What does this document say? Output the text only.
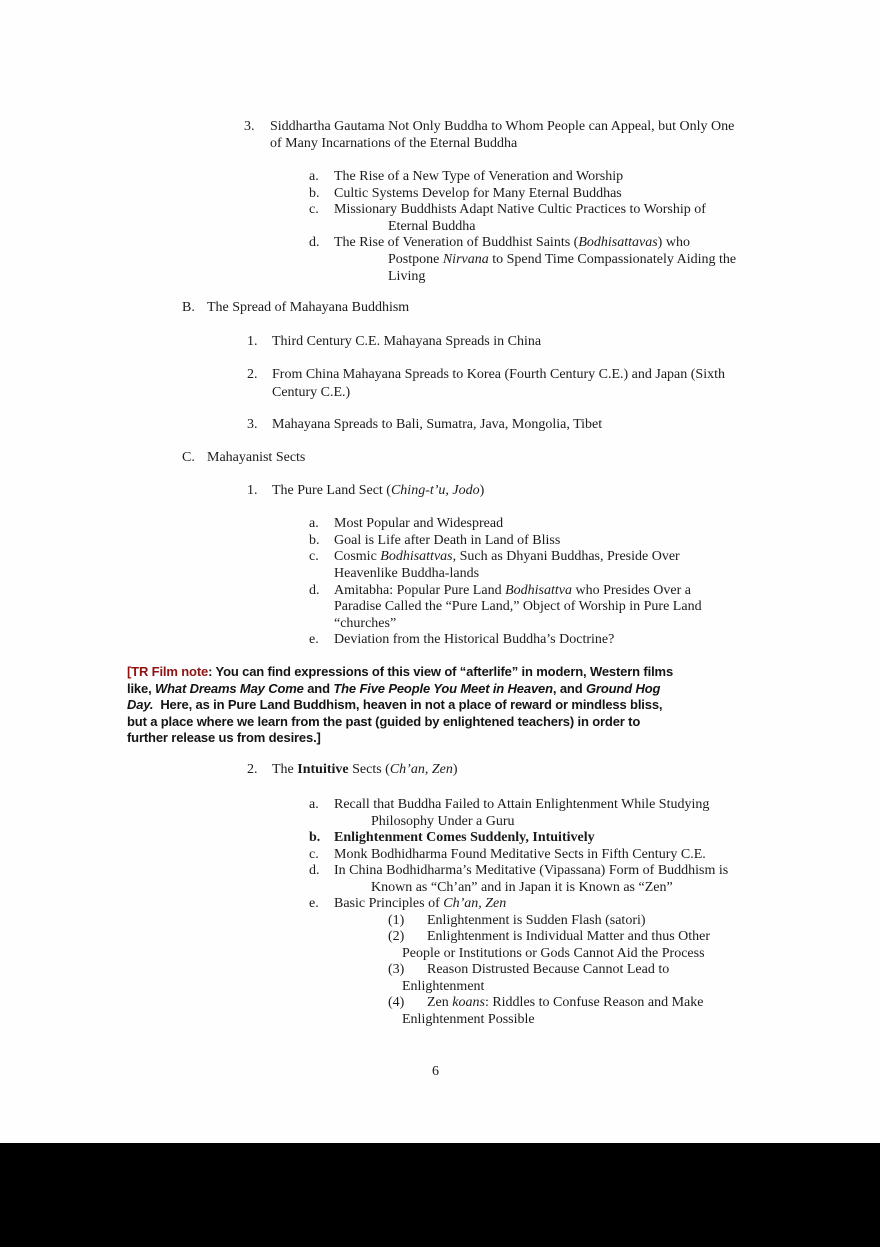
3. Siddhartha Gautama Not Only Buddha to Whom People can Appeal, but Only One
of Many Incarnations of the Eternal Buddha
a. The Rise of a New Type of Veneration and Worship
b. Cultic Systems Develop for Many Eternal Buddhas
c. Missionary Buddhists Adapt Native Cultic Practices to Worship of
Eternal Buddha
d. The Rise of Veneration of Buddhist Saints (Bodhisattavas) who
Postpone Nirvana to Spend Time Compassionately Aiding the
Living
B. The Spread of Mahayana Buddhism
1. Third Century C.E. Mahayana Spreads in China
2. From China Mahayana Spreads to Korea (Fourth Century C.E.) and Japan (Sixth
Century C.E.)
3. Mahayana Spreads to Bali, Sumatra, Java, Mongolia, Tibet
C. Mahayanist Sects
1. The Pure Land Sect (Ching-t’u, Jodo)
a. Most Popular and Widespread
b. Goal is Life after Death in Land of Bliss
c. Cosmic Bodhisattvas, Such as Dhyani Buddhas, Preside Over
Heavenlike Buddha-lands
d. Amitabha: Popular Pure Land Bodhisattva who Presides Over a
Paradise Called the “Pure Land,” Object of Worship in Pure Land
“churches”
e. Deviation from the Historical Buddha’s Doctrine?
[TR Film note: You can find expressions of this view of “afterlife” in modern, Western films
like, What Dreams May Come and The Five People You Meet in Heaven, and Ground Hog
Day.  Here, as in Pure Land Buddhism, heaven in not a place of reward or mindless bliss,
but a place where we learn from the past (guided by enlightened teachers) in order to
further release us from desires.]
2. The Intuitive Sects (Ch’an, Zen)
a. Recall that Buddha Failed to Attain Enlightenment While Studying
Philosophy Under a Guru
b. Enlightenment Comes Suddenly, Intuitively
c. Monk Bodhidharma Found Meditative Sects in Fifth Century C.E.
d. In China Bodhidharma’s Meditative (Vipassana) Form of Buddhism is
Known as “Ch’an” and in Japan it is Known as “Zen”
e. Basic Principles of Ch’an, Zen
(1) Enlightenment is Sudden Flash (satori)
(2) Enlightenment is Individual Matter and thus Other
People or Institutions or Gods Cannot Aid the Process
(3) Reason Distrusted Because Cannot Lead to
Enlightenment
(4) Zen koans: Riddles to Confuse Reason and Make
Enlightenment Possible
6
